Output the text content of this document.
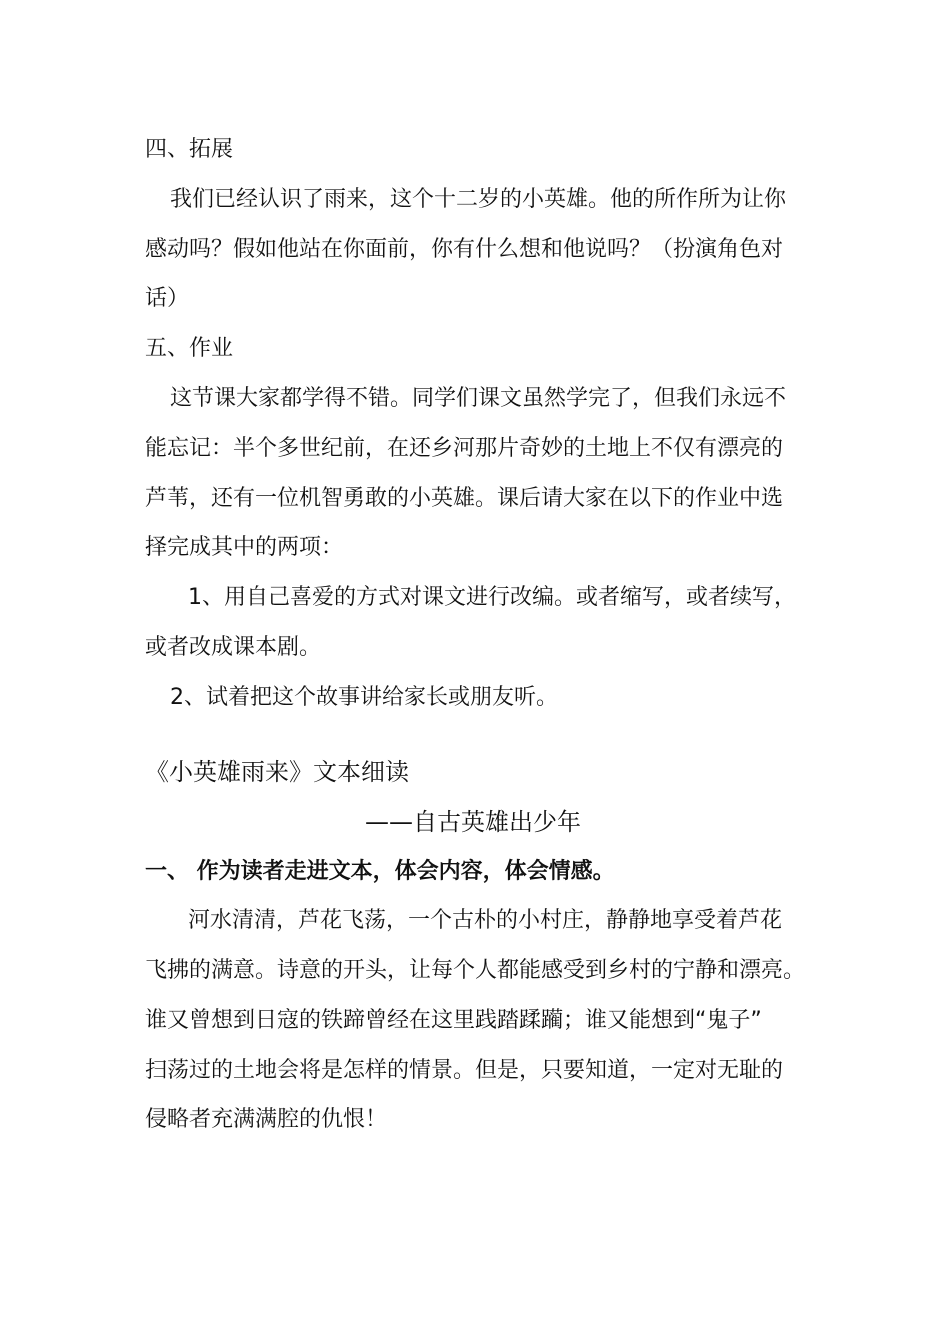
四、拓展

我们已经认识了雨来，这个十二岁的小英雄。他的所作所为让你

感动吗？假如他站在你面前，你有什么想和他说吗？（扮演角色对

话）

五、作业

这节课大家都学得不错。同学们课文虽然学完了，但我们永远不

能忘记：半个多世纪前，在还乡河那片奇妙的土地上不仅有漂亮的

芦苇，还有一位机智勇敢的小英雄。课后请大家在以下的作业中选

择完成其中的两项：

1、用自己喜爱的方式对课文进行改编。或者缩写，或者续写，

或者改成课本剧。

2、试着把这个故事讲给家长或朋友听。

《小英雄雨来》文本细读

——自古英雄出少年

一、 作为读者走进文本，体会内容，体会情感。

河水清清，芦花飞荡，一个古朴的小村庄，静静地享受着芦花

飞拂的满意。诗意的开头，让每个人都能感受到乡村的宁静和漂亮。

谁又曾想到日寇的铁蹄曾经在这里践踏蹂躏；谁又能想到“鬼子”

扫荡过的土地会将是怎样的情景。但是，只要知道，一定对无耻的

侵略者充满满腔的仇恨！
